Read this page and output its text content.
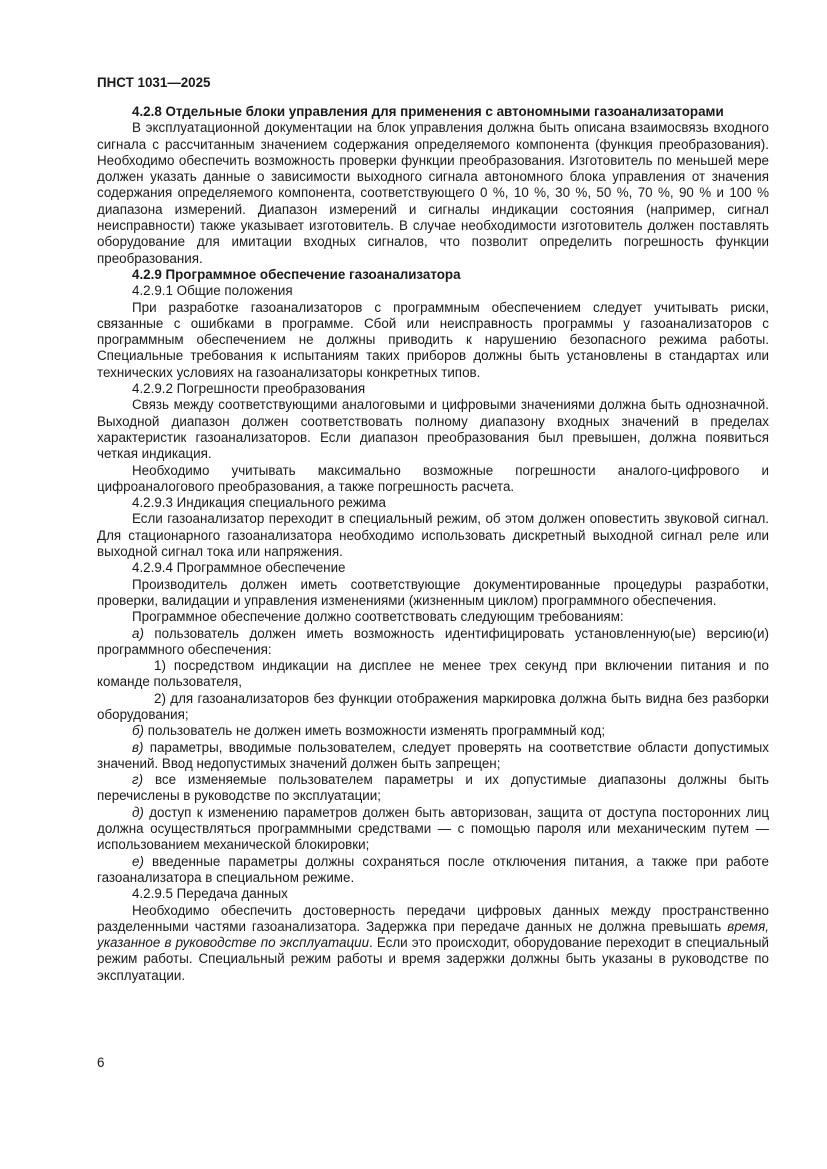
ПНСТ 1031—2025

4.2.8 Отдельные блоки управления для применения с автономными газоанализаторами

В эксплуатационной документации на блок управления должна быть описана взаимосвязь входного сигнала с рассчитанным значением содержания определяемого компонента (функция преобразования). Необходимо обеспечить возможность проверки функции преобразования. Изготовитель по меньшей мере должен указать данные о зависимости выходного сигнала автономного блока управления от значения содержания определяемого компонента, соответствующего 0 %, 10 %, 30 %, 50 %, 70 %, 90 % и 100 % диапазона измерений. Диапазон измерений и сигналы индикации состояния (например, сигнал неисправности) также указывает изготовитель. В случае необходимости изготовитель должен поставлять оборудование для имитации входных сигналов, что позволит определить погрешность функции преобразования.

4.2.9 Программное обеспечение газоанализатора

4.2.9.1 Общие положения

При разработке газоанализаторов с программным обеспечением следует учитывать риски, связанные с ошибками в программе. Сбой или неисправность программы у газоанализаторов с программным обеспечением не должны приводить к нарушению безопасного режима работы. Специальные требования к испытаниям таких приборов должны быть установлены в стандартах или технических условиях на газоанализаторы конкретных типов.

4.2.9.2 Погрешности преобразования

Связь между соответствующими аналоговыми и цифровыми значениями должна быть однозначной. Выходной диапазон должен соответствовать полному диапазону входных значений в пределах характеристик газоанализаторов. Если диапазон преобразования был превышен, должна появиться четкая индикация.

Необходимо учитывать максимально возможные погрешности аналого-цифрового и цифроаналогового преобразования, а также погрешность расчета.

4.2.9.3 Индикация специального режима

Если газоанализатор переходит в специальный режим, об этом должен оповестить звуковой сигнал. Для стационарного газоанализатора необходимо использовать дискретный выходной сигнал реле или выходной сигнал тока или напряжения.

4.2.9.4 Программное обеспечение

Производитель должен иметь соответствующие документированные процедуры разработки, проверки, валидации и управления изменениями (жизненным циклом) программного обеспечения.

Программное обеспечение должно соответствовать следующим требованиям:

а) пользователь должен иметь возможность идентифицировать установленную(ые) версию(и) программного обеспечения:

1) посредством индикации на дисплее не менее трех секунд при включении питания и по команде пользователя,

2) для газоанализаторов без функции отображения маркировка должна быть видна без разборки оборудования;

б) пользователь не должен иметь возможности изменять программный код;

в) параметры, вводимые пользователем, следует проверять на соответствие области допустимых значений. Ввод недопустимых значений должен быть запрещен;

г) все изменяемые пользователем параметры и их допустимые диапазоны должны быть перечислены в руководстве по эксплуатации;

д) доступ к изменению параметров должен быть авторизован, защита от доступа посторонних лиц должна осуществляться программными средствами — с помощью пароля или механическим путем — использованием механической блокировки;

е) введенные параметры должны сохраняться после отключения питания, а также при работе газоанализатора в специальном режиме.

4.2.9.5 Передача данных

Необходимо обеспечить достоверность передачи цифровых данных между пространственно разделенными частями газоанализатора. Задержка при передаче данных не должна превышать время, указанное в руководстве по эксплуатации. Если это происходит, оборудование переходит в специальный режим работы. Специальный режим работы и время задержки должны быть указаны в руководстве по эксплуатации.

6
